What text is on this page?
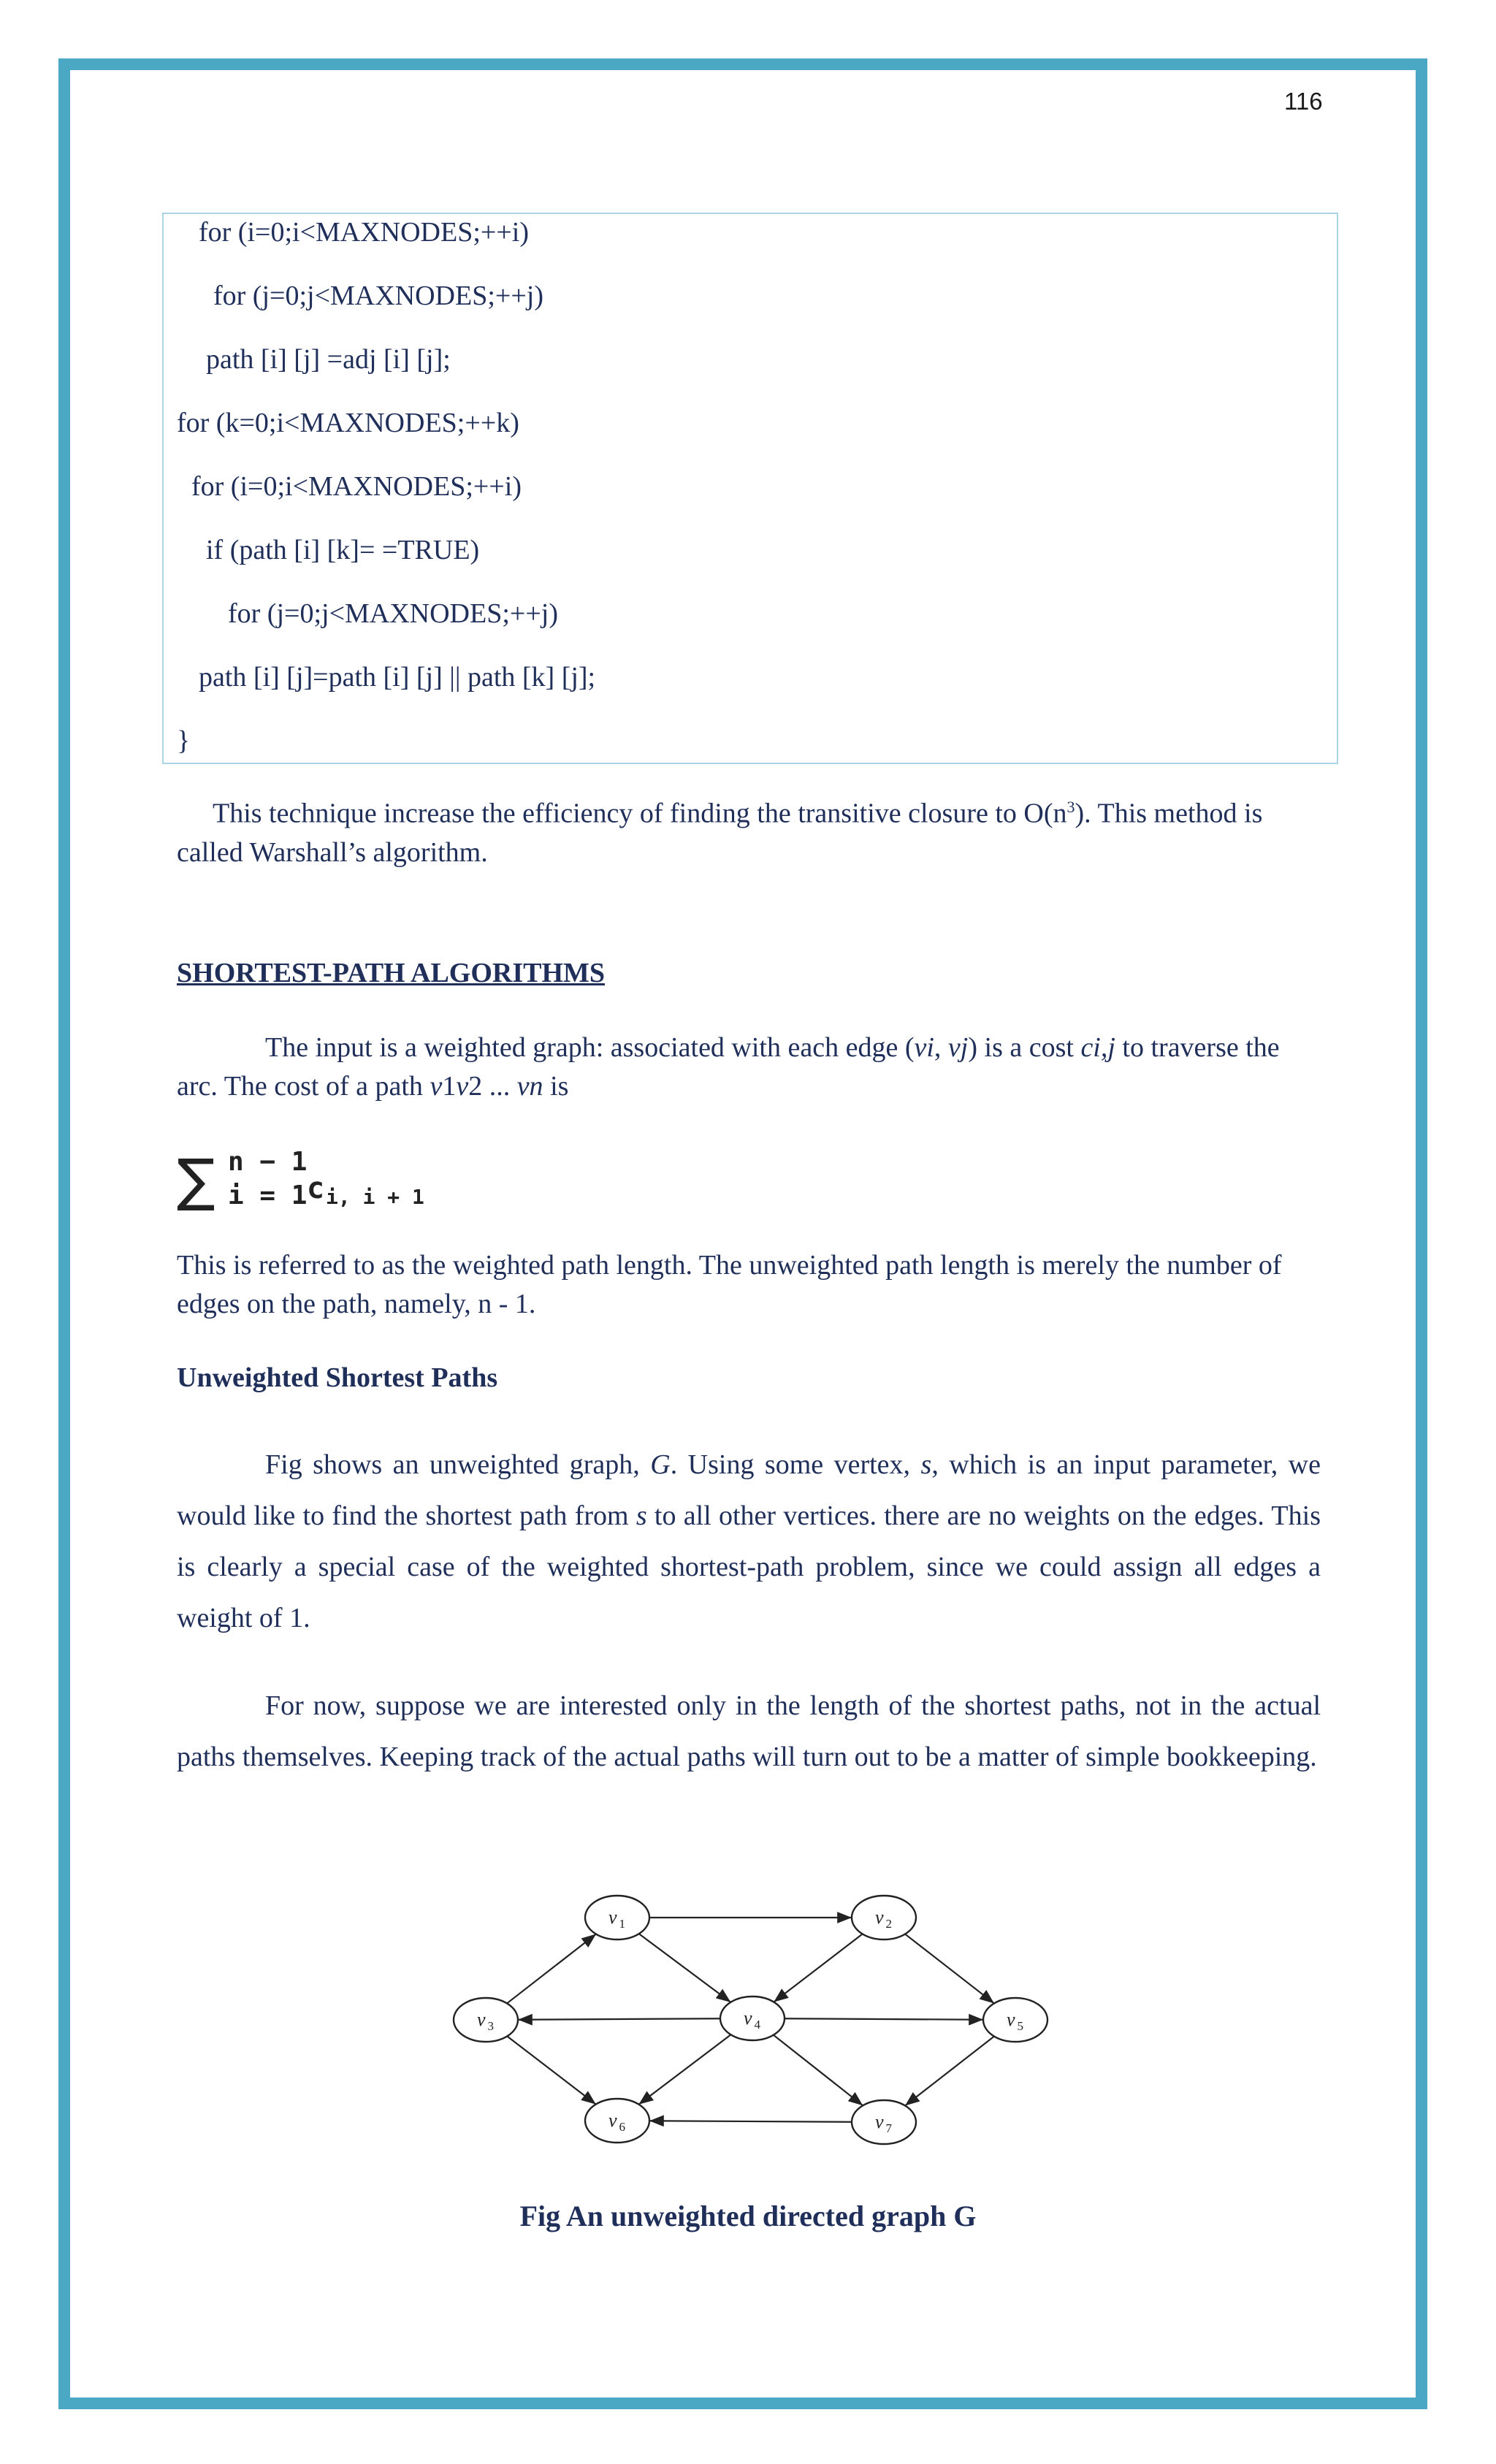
116
for (i=0;i<MAXNODES;++i)
for (j=0;j<MAXNODES;++j)
path [i] [j] =adj [i] [j];
for (k=0;i<MAXNODES;++k)
for (i=0;i<MAXNODES;++i)
if (path [i] [k]= =TRUE)
for (j=0;j<MAXNODES;++j)
path [i] [j]=path [i] [j] || path [k] [j];
}

This technique increase the efficiency of finding the transitive closure to $O(n^3)$. This method is called Warshall’s algorithm.

SHORTEST-PATH ALGORITHMS

The input is a weighted graph: associated with each edge (vi, vj) is a cost ci,j to traverse the arc. The cost of a path v1v2 ... vn is

∑ n − 1
i = 1 c i, i + 1

This is referred to as the weighted path length. The unweighted path length is merely the number of edges on the path, namely, n - 1.

Unweighted Shortest Paths

Fig shows an unweighted graph, G. Using some vertex, s, which is an input parameter, we would like to find the shortest path from s to all other vertices. there are no weights on the edges. This is clearly a special case of the weighted shortest-path problem, since we could assign all edges a weight of 1.

For now, suppose we are interested only in the length of the shortest paths, not in the actual paths themselves. Keeping track of the actual paths will turn out to be a matter of simple bookkeeping.

v $_1$	v $_2$
v $_3$	v $_4$	v $_5$
v $_6$	v $_7$
Fig An unweighted directed graph G
